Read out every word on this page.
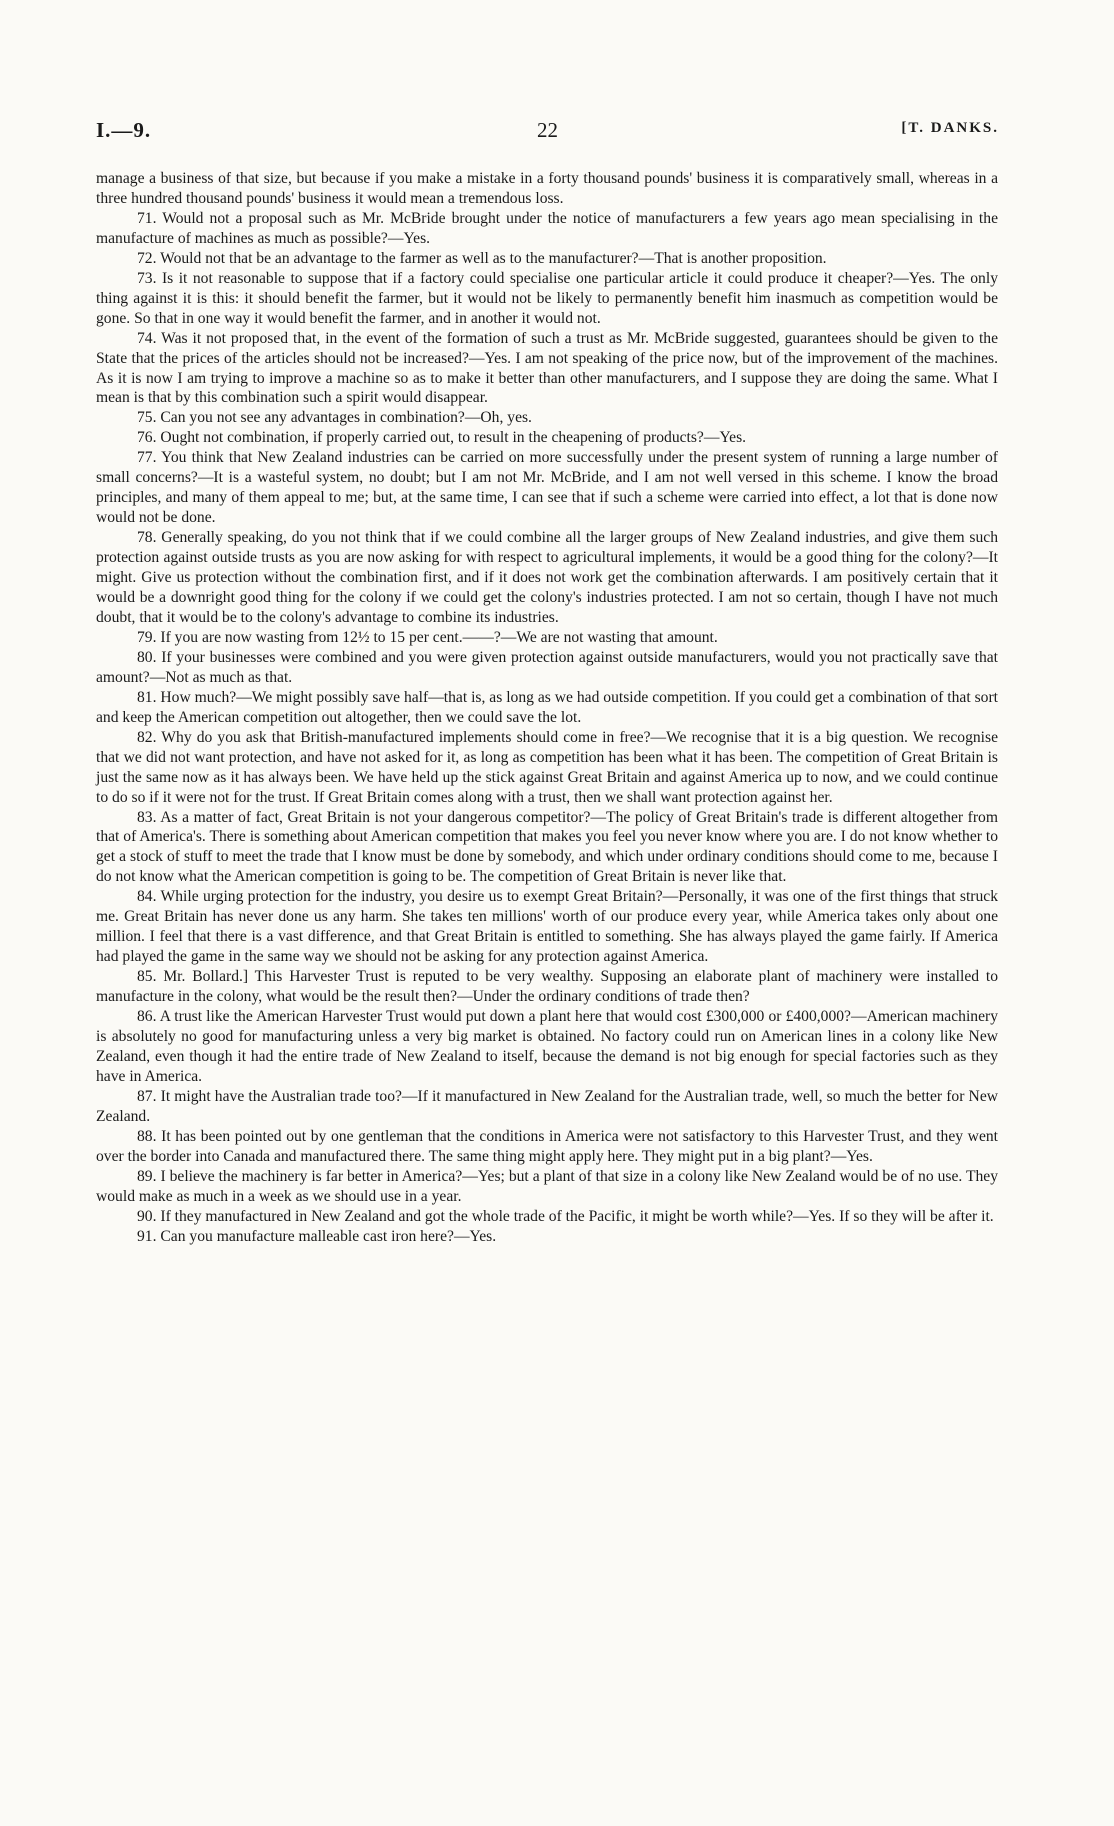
I.—9.	22	[T. DANKS.

manage a business of that size, but because if you make a mistake in a forty thousand pounds' business it is comparatively small, whereas in a three hundred thousand pounds' business it would mean a tremendous loss.

71. Would not a proposal such as Mr. McBride brought under the notice of manufacturers a few years ago mean specialising in the manufacture of machines as much as possible?—Yes.

72. Would not that be an advantage to the farmer as well as to the manufacturer?—That is another proposition.

73. Is it not reasonable to suppose that if a factory could specialise one particular article it could produce it cheaper?—Yes. The only thing against it is this: it should benefit the farmer, but it would not be likely to permanently benefit him inasmuch as competition would be gone. So that in one way it would benefit the farmer, and in another it would not.

74. Was it not proposed that, in the event of the formation of such a trust as Mr. McBride suggested, guarantees should be given to the State that the prices of the articles should not be increased?—Yes. I am not speaking of the price now, but of the improvement of the machines. As it is now I am trying to improve a machine so as to make it better than other manufacturers, and I suppose they are doing the same. What I mean is that by this combination such a spirit would disappear.

75. Can you not see any advantages in combination?—Oh, yes.

76. Ought not combination, if properly carried out, to result in the cheapening of products?—Yes.

77. You think that New Zealand industries can be carried on more successfully under the present system of running a large number of small concerns?—It is a wasteful system, no doubt; but I am not Mr. McBride, and I am not well versed in this scheme. I know the broad principles, and many of them appeal to me; but, at the same time, I can see that if such a scheme were carried into effect, a lot that is done now would not be done.

78. Generally speaking, do you not think that if we could combine all the larger groups of New Zealand industries, and give them such protection against outside trusts as you are now asking for with respect to agricultural implements, it would be a good thing for the colony?—It might. Give us protection without the combination first, and if it does not work get the combination afterwards. I am positively certain that it would be a downright good thing for the colony if we could get the colony's industries protected. I am not so certain, though I have not much doubt, that it would be to the colony's advantage to combine its industries.

79. If you are now wasting from 12½ to 15 per cent.——?—We are not wasting that amount.

80. If your businesses were combined and you were given protection against outside manufacturers, would you not practically save that amount?—Not as much as that.

81. How much?—We might possibly save half—that is, as long as we had outside competition. If you could get a combination of that sort and keep the American competition out altogether, then we could save the lot.

82. Why do you ask that British-manufactured implements should come in free?—We recognise that it is a big question. We recognise that we did not want protection, and have not asked for it, as long as competition has been what it has been. The competition of Great Britain is just the same now as it has always been. We have held up the stick against Great Britain and against America up to now, and we could continue to do so if it were not for the trust. If Great Britain comes along with a trust, then we shall want protection against her.

83. As a matter of fact, Great Britain is not your dangerous competitor?—The policy of Great Britain's trade is different altogether from that of America's. There is something about American competition that makes you feel you never know where you are. I do not know whether to get a stock of stuff to meet the trade that I know must be done by somebody, and which under ordinary conditions should come to me, because I do not know what the American competition is going to be. The competition of Great Britain is never like that.

84. While urging protection for the industry, you desire us to exempt Great Britain?—Personally, it was one of the first things that struck me. Great Britain has never done us any harm. She takes ten millions' worth of our produce every year, while America takes only about one million. I feel that there is a vast difference, and that Great Britain is entitled to something. She has always played the game fairly. If America had played the game in the same way we should not be asking for any protection against America.

85. Mr. Bollard.] This Harvester Trust is reputed to be very wealthy. Supposing an elaborate plant of machinery were installed to manufacture in the colony, what would be the result then?—Under the ordinary conditions of trade then?

86. A trust like the American Harvester Trust would put down a plant here that would cost £300,000 or £400,000?—American machinery is absolutely no good for manufacturing unless a very big market is obtained. No factory could run on American lines in a colony like New Zealand, even though it had the entire trade of New Zealand to itself, because the demand is not big enough for special factories such as they have in America.

87. It might have the Australian trade too?—If it manufactured in New Zealand for the Australian trade, well, so much the better for New Zealand.

88. It has been pointed out by one gentleman that the conditions in America were not satisfactory to this Harvester Trust, and they went over the border into Canada and manufactured there. The same thing might apply here. They might put in a big plant?—Yes.

89. I believe the machinery is far better in America?—Yes; but a plant of that size in a colony like New Zealand would be of no use. They would make as much in a week as we should use in a year.

90. If they manufactured in New Zealand and got the whole trade of the Pacific, it might be worth while?—Yes. If so they will be after it.

91. Can you manufacture malleable cast iron here?—Yes.
